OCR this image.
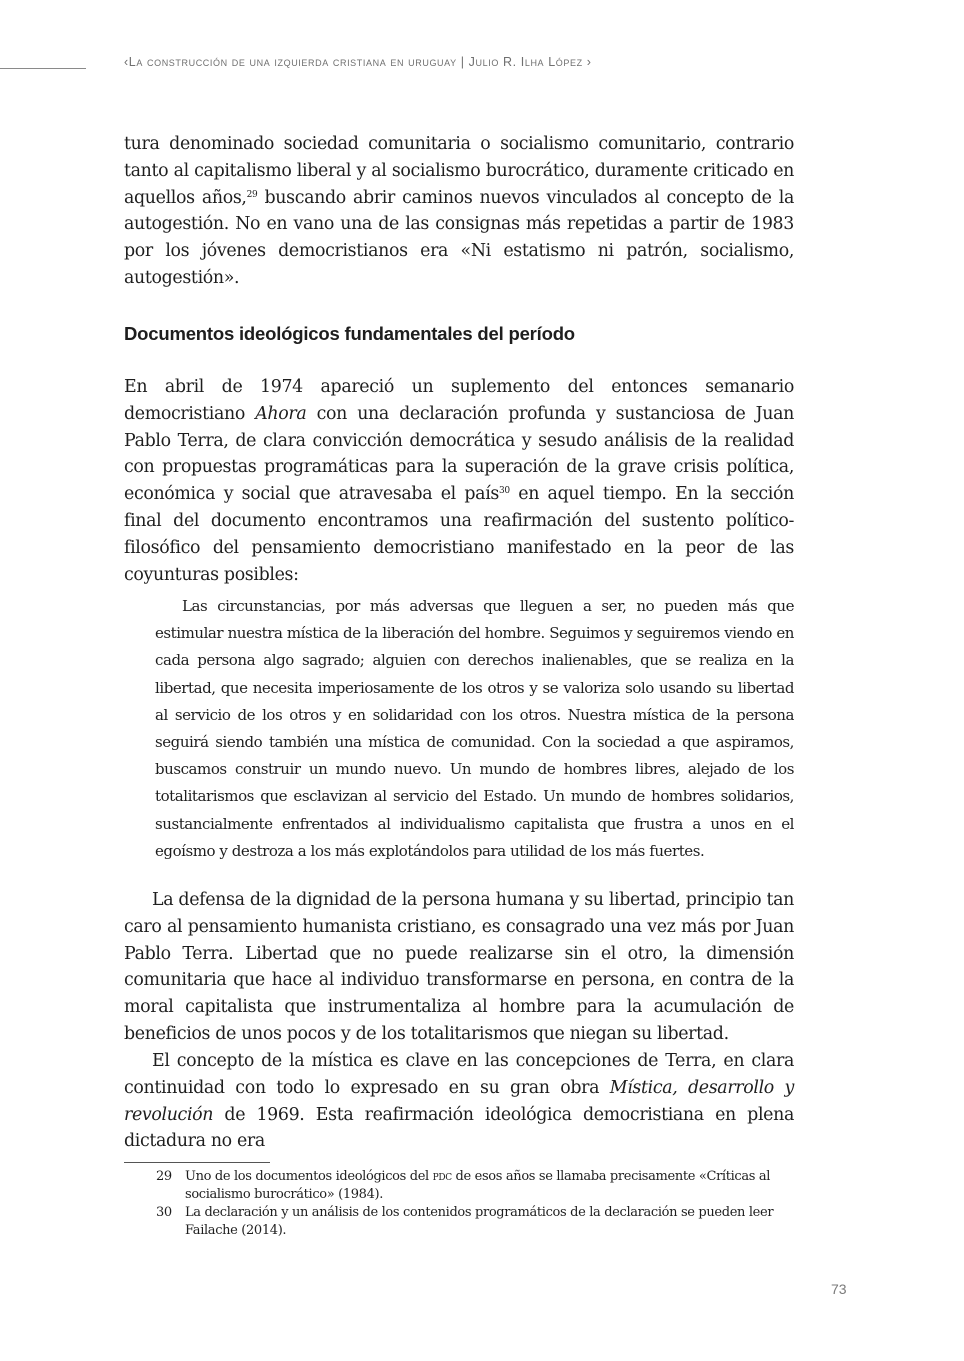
‹La construcción de una izquierda cristiana en uruguay | Julio R. Ilha López ›

tura denominado sociedad comunitaria o socialismo comunitario, contrario tanto al capitalismo liberal y al socialismo burocrático, duramente criticado en aquellos años,$^{29}$ buscando abrir caminos nuevos vinculados al concepto de la autogestión. No en vano una de las consignas más repetidas a partir de 1983 por los jóvenes democristianos era «Ni estatismo ni patrón, socialismo, autogestión».

Documentos ideológicos fundamentales del período

En abril de 1974 apareció un suplemento del entonces semanario democristiano Ahora con una declaración profunda y sustanciosa de Juan Pablo Terra, de clara convicción democrática y sesudo análisis de la realidad con propuestas programáticas para la superación de la grave crisis política, económica y social que atravesaba el país$^{30}$ en aquel tiempo. En la sección final del documento encontramos una reafirmación del sustento político-filosófico del pensamiento democristiano manifestado en la peor de las coyunturas posibles:

Las circunstancias, por más adversas que lleguen a ser, no pueden más que estimular nuestra mística de la liberación del hombre. Seguimos y seguiremos viendo en cada persona algo sagrado; alguien con derechos inalienables, que se realiza en la libertad, que necesita imperiosamente de los otros y se valoriza solo usando su libertad al servicio de los otros y en solidaridad con los otros. Nuestra mística de la persona seguirá siendo también una mística de comunidad. Con la sociedad a que aspiramos, buscamos construir un mundo nuevo. Un mundo de hombres libres, alejado de los totalitarismos que esclavizan al servicio del Estado. Un mundo de hombres solidarios, sustancialmente enfrentados al individualismo capitalista que frustra a unos en el egoísmo y destroza a los más explotándolos para utilidad de los más fuertes.

La defensa de la dignidad de la persona humana y su libertad, principio tan caro al pensamiento humanista cristiano, es consagrado una vez más por Juan Pablo Terra. Libertad que no puede realizarse sin el otro, la dimensión comunitaria que hace al individuo transformarse en persona, en contra de la moral capitalista que instrumentaliza al hombre para la acumulación de beneficios de unos pocos y de los totalitarismos que niegan su libertad.

El concepto de la mística es clave en las concepciones de Terra, en clara continuidad con todo lo expresado en su gran obra Mística, desarrollo y revolución de 1969. Esta reafirmación ideológica democristiana en plena dictadura no era

29 Uno de los documentos ideológicos del pdc de esos años se llamaba precisamente «Críticas al socialismo burocrático» (1984).

30 La declaración y un análisis de los contenidos programáticos de la declaración se pueden leer Failache (2014).

73
